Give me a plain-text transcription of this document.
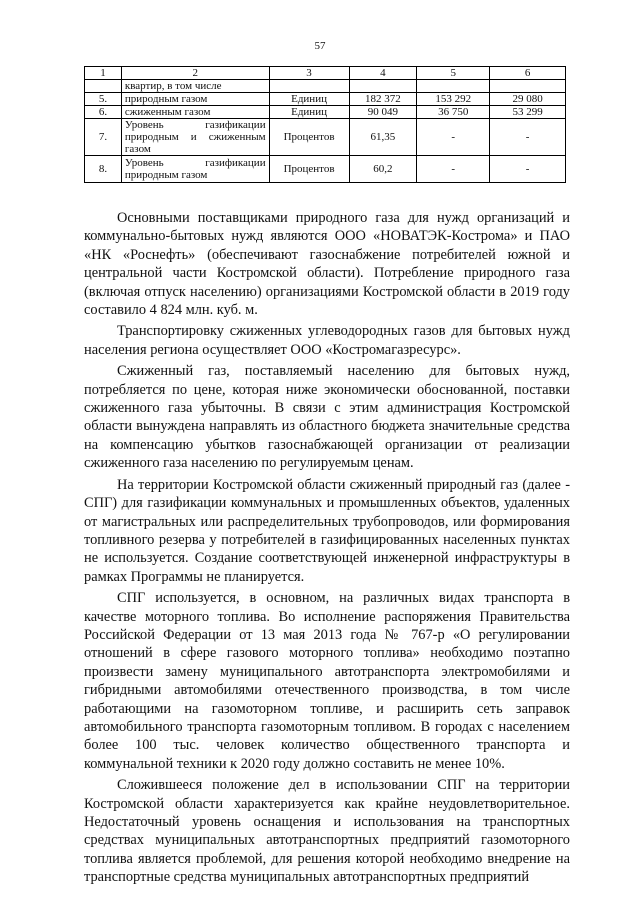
57
1	2	3	4	5	6

	квартир, в том числе				

5.	природным газом	Единиц	182 372	153 292	29 080
6.	сжиженным газом	Единиц	90 049	36 750	53 299
7.	Уровень газификации
природным и сжиженным
газом	Процентов	61,35	-	-
8.	Уровень газификации
природным газом	Процентов	60,2	-	-

Основными поставщиками природного газа для нужд организаций и коммунально-бытовых нужд являются ООО «НОВАТЭК-Кострома» и ПАО «НК «Роснефть» (обеспечивают газоснабжение потребителей южной и центральной части Костромской области). Потребление природного газа (включая отпуск населению) организациями Костромской области в 2019 году составило 4 824 млн. куб. м.

Транспортировку сжиженных углеводородных газов для бытовых нужд населения региона осуществляет ООО «Костромагазресурс».

Сжиженный газ, поставляемый населению для бытовых нужд, потребляется по цене, которая ниже экономически обоснованной, поставки сжиженного газа убыточны. В связи с этим администрация Костромской области вынуждена направлять из областного бюджета значительные средства на компенсацию убытков газоснабжающей организации от реализации сжиженного газа населению по регулируемым ценам.

На территории Костромской области сжиженный природный газ (далее - СПГ) для газификации коммунальных и промышленных объектов, удаленных от магистральных или распределительных трубопроводов, или формирования топливного резерва у потребителей в газифицированных населенных пунктах не используется. Создание соответствующей инженерной инфраструктуры в рамках Программы не планируется.

СПГ используется, в основном, на различных видах транспорта в качестве моторного топлива. Во исполнение распоряжения Правительства Российской Федерации от 13 мая 2013 года № 767-р «О регулировании отношений в сфере газового моторного топлива» необходимо поэтапно произвести замену муниципального автотранспорта электромобилями и гибридными автомобилями отечественного производства, в том числе работающими на газомоторном топливе, и расширить сеть заправок автомобильного транспорта газомоторным топливом. В городах с населением более 100 тыс. человек количество общественного транспорта и коммунальной техники к 2020 году должно составить не менее 10%.

Сложившееся положение дел в использовании СПГ на территории Костромской области характеризуется как крайне неудовлетворительное. Недостаточный уровень оснащения и использования на транспортных средствах муниципальных автотранспортных предприятий газомоторного топлива является проблемой, для решения которой необходимо внедрение на транспортные средства муниципальных автотранспортных предприятий
